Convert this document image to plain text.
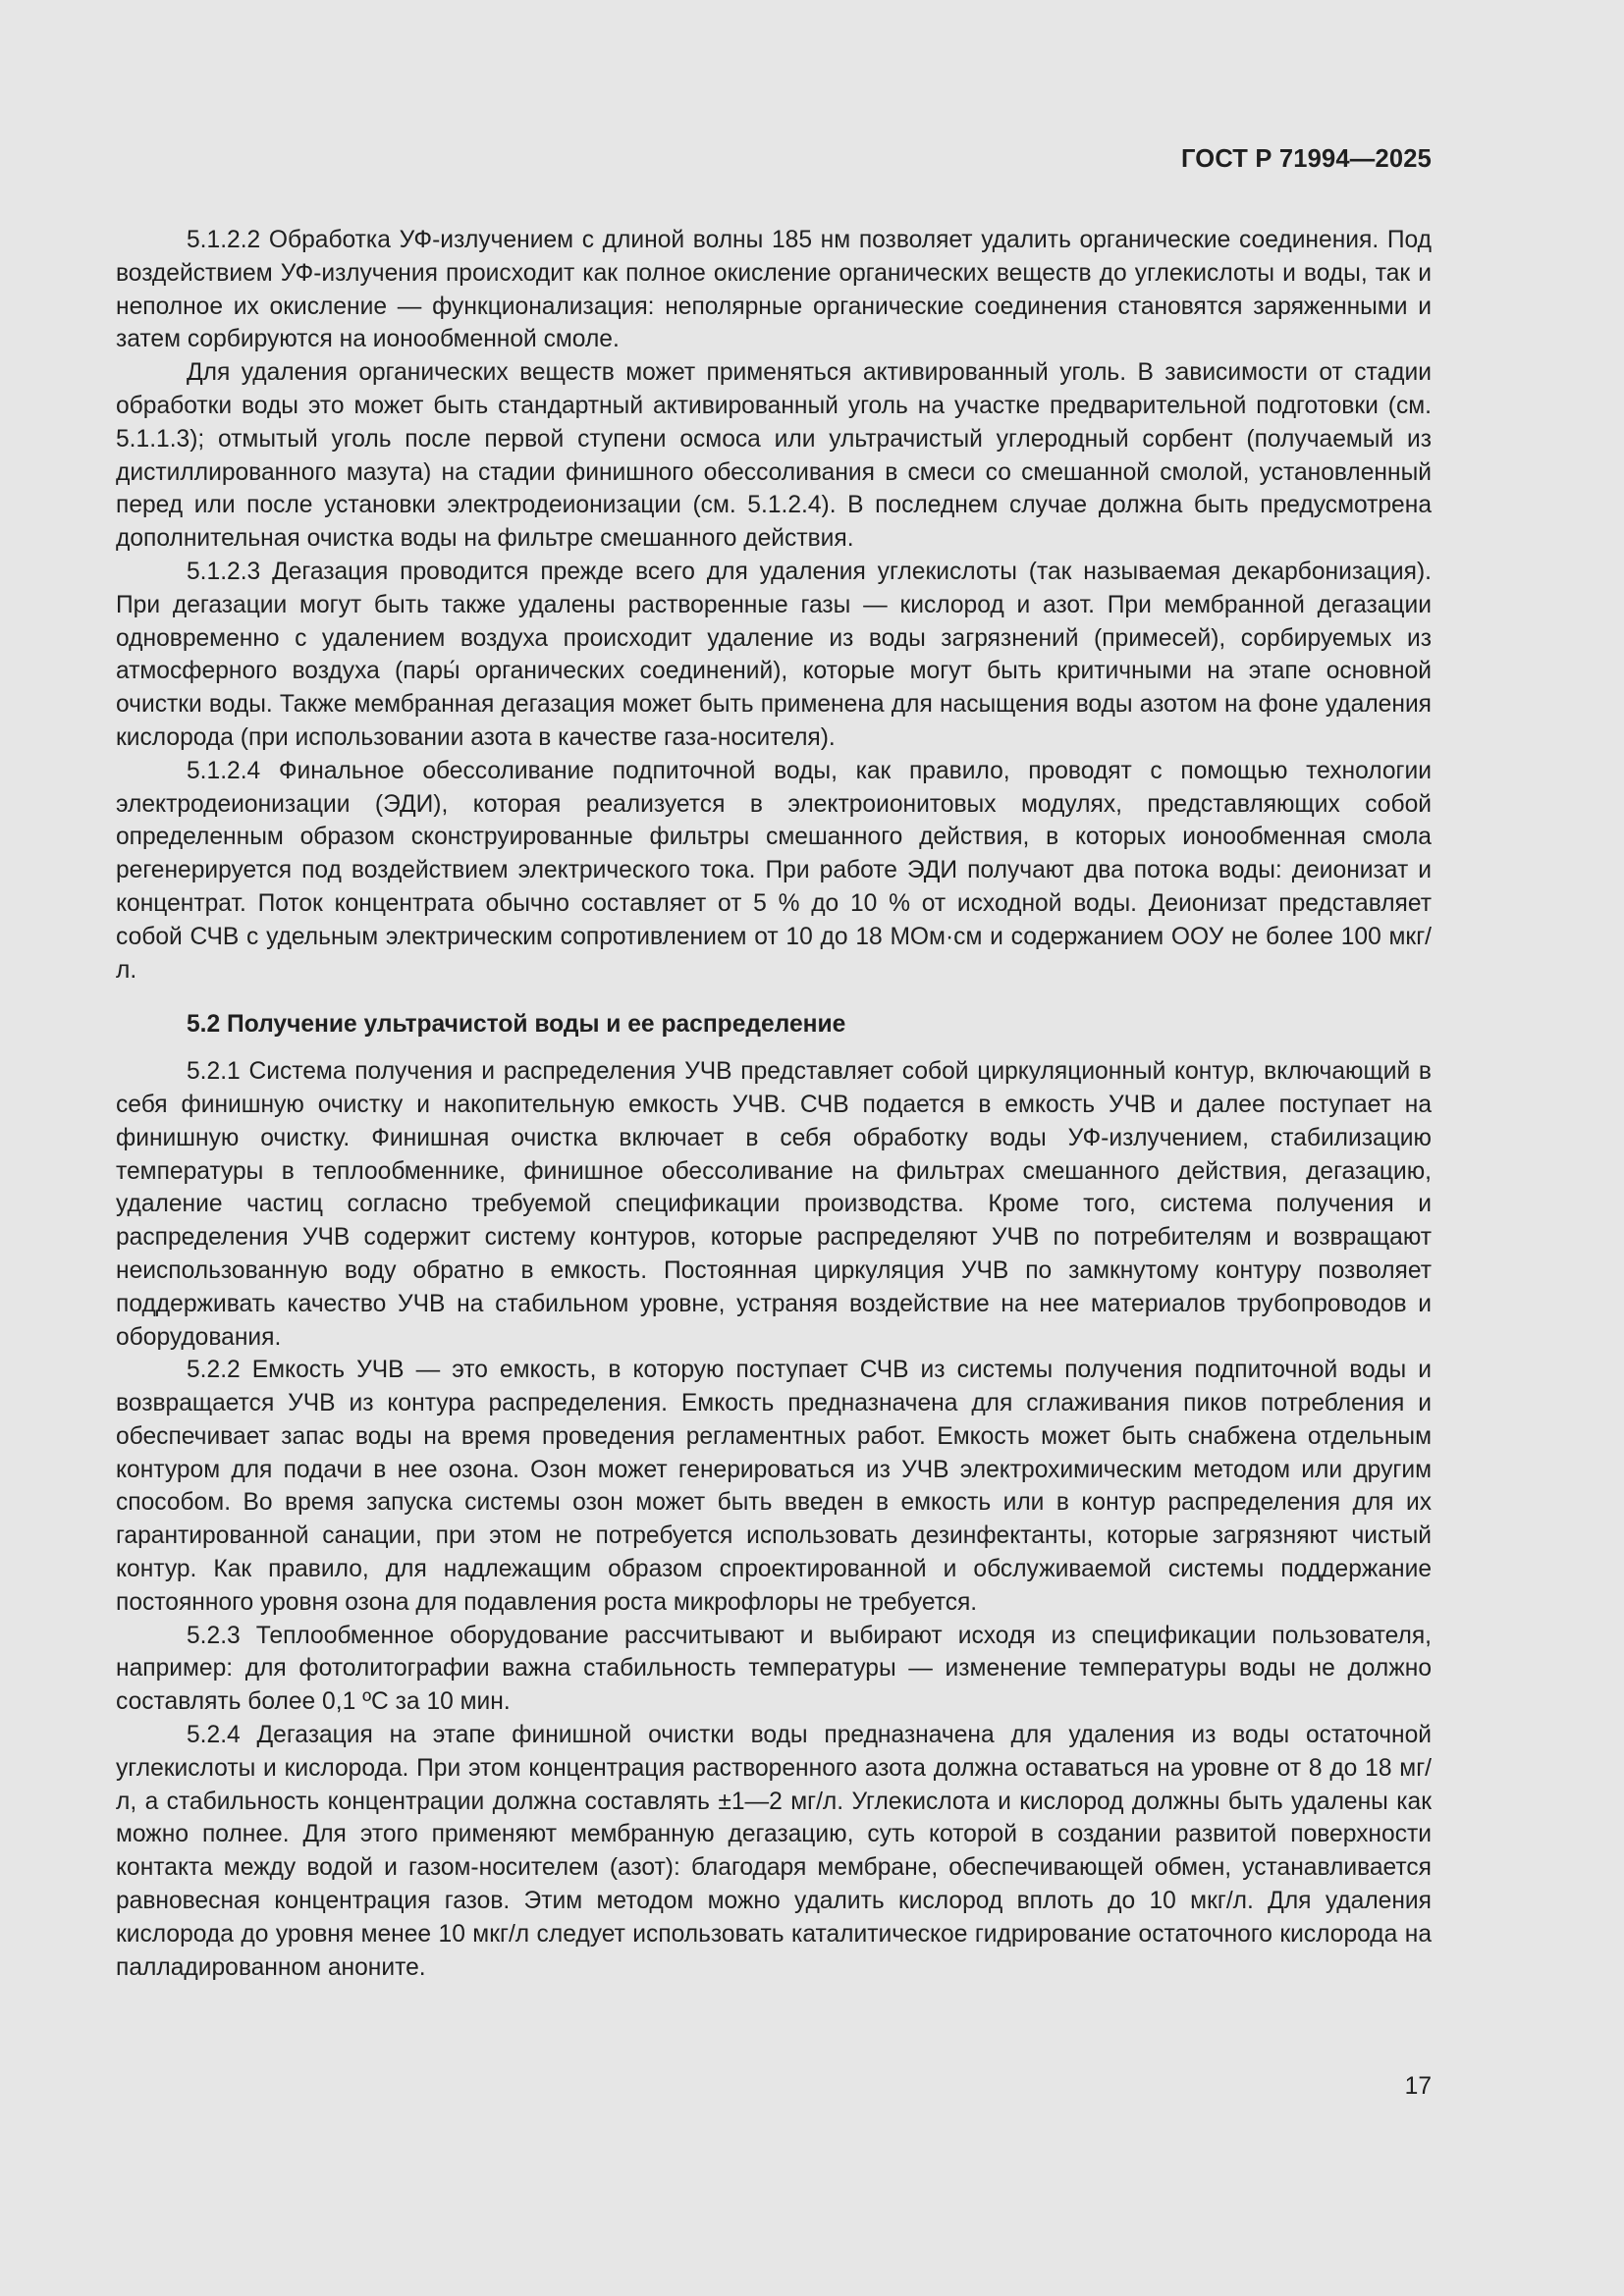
ГОСТ Р 71994—2025

5.1.2.2 Обработка УФ-излучением с длиной волны 185 нм позволяет удалить органические соединения. Под воздействием УФ-излучения происходит как полное окисление органических веществ до углекислоты и воды, так и неполное их окисление — функционализация: неполярные органические соединения становятся заряженными и затем сорбируются на ионообменной смоле.

Для удаления органических веществ может применяться активированный уголь. В зависимости от стадии обработки воды это может быть стандартный активированный уголь на участке предварительной подготовки (см. 5.1.1.3); отмытый уголь после первой ступени осмоса или ультрачистый углеродный сорбент (получаемый из дистиллированного мазута) на стадии финишного обессоливания в смеси со смешанной смолой, установленный перед или после установки электродеионизации (см. 5.1.2.4). В последнем случае должна быть предусмотрена дополнительная очистка воды на фильтре смешанного действия.

5.1.2.3 Дегазация проводится прежде всего для удаления углекислоты (так называемая декарбонизация). При дегазации могут быть также удалены растворенные газы — кислород и азот. При мембранной дегазации одновременно с удалением воздуха происходит удаление из воды загрязнений (примесей), сорбируемых из атмосферного воздуха (пары́ органических соединений), которые могут быть критичными на этапе основной очистки воды. Также мембранная дегазация может быть применена для насыщения воды азотом на фоне удаления кислорода (при использовании азота в качестве газа-носителя).

5.1.2.4 Финальное обессоливание подпиточной воды, как правило, проводят с помощью технологии электродеионизации (ЭДИ), которая реализуется в электроионитовых модулях, представляющих собой определенным образом сконструированные фильтры смешанного действия, в которых ионообменная смола регенерируется под воздействием электрического тока. При работе ЭДИ получают два потока воды: деионизат и концентрат. Поток концентрата обычно составляет от 5 % до 10 % от исходной воды. Деионизат представляет собой СЧВ с удельным электрическим сопротивлением от 10 до 18 МОм·см и содержанием ООУ не более 100 мкг/л.

5.2 Получение ультрачистой воды и ее распределение

5.2.1 Система получения и распределения УЧВ представляет собой циркуляционный контур, включающий в себя финишную очистку и накопительную емкость УЧВ. СЧВ подается в емкость УЧВ и далее поступает на финишную очистку. Финишная очистка включает в себя обработку воды УФ-излучением, стабилизацию температуры в теплообменнике, финишное обессоливание на фильтрах смешанного действия, дегазацию, удаление частиц согласно требуемой спецификации производства. Кроме того, система получения и распределения УЧВ содержит систему контуров, которые распределяют УЧВ по потребителям и возвращают неиспользованную воду обратно в емкость. Постоянная циркуляция УЧВ по замкнутому контуру позволяет поддерживать качество УЧВ на стабильном уровне, устраняя воздействие на нее материалов трубопроводов и оборудования.

5.2.2 Емкость УЧВ — это емкость, в которую поступает СЧВ из системы получения подпиточной воды и возвращается УЧВ из контура распределения. Емкость предназначена для сглаживания пиков потребления и обеспечивает запас воды на время проведения регламентных работ. Емкость может быть снабжена отдельным контуром для подачи в нее озона. Озон может генерироваться из УЧВ электрохимическим методом или другим способом. Во время запуска системы озон может быть введен в емкость или в контур распределения для их гарантированной санации, при этом не потребуется использовать дезинфектанты, которые загрязняют чистый контур. Как правило, для надлежащим образом спроектированной и обслуживаемой системы поддержание постоянного уровня озона для подавления роста микрофлоры не требуется.

5.2.3 Теплообменное оборудование рассчитывают и выбирают исходя из спецификации пользователя, например: для фотолитографии важна стабильность температуры — изменение температуры воды не должно составлять более 0,1 ºС за 10 мин.

5.2.4 Дегазация на этапе финишной очистки воды предназначена для удаления из воды остаточной углекислоты и кислорода. При этом концентрация растворенного азота должна оставаться на уровне от 8 до 18 мг/л, а стабильность концентрации должна составлять ±1—2 мг/л. Углекислота и кислород должны быть удалены как можно полнее. Для этого применяют мембранную дегазацию, суть которой в создании развитой поверхности контакта между водой и газом-носителем (азот): благодаря мембране, обеспечивающей обмен, устанавливается равновесная концентрация газов. Этим методом можно удалить кислород вплоть до 10 мкг/л. Для удаления кислорода до уровня менее 10 мкг/л следует использовать каталитическое гидрирование остаточного кислорода на палладированном аноните.

17
